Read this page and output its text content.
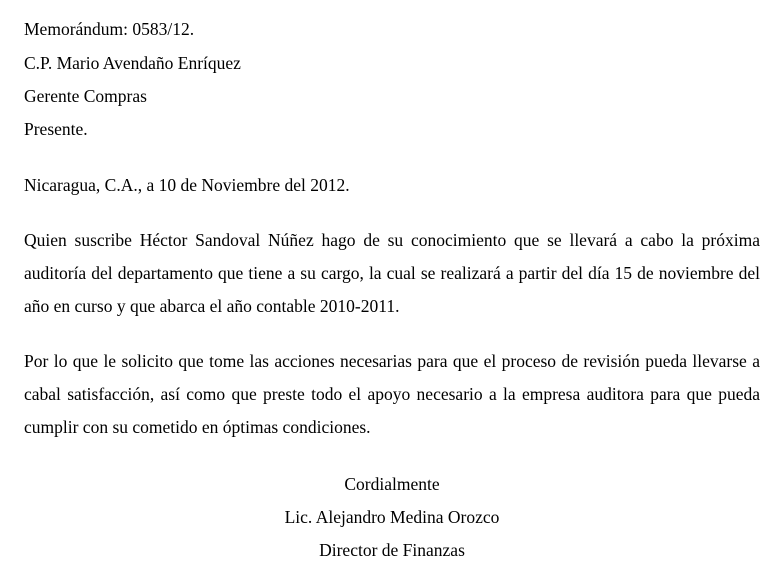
Memorándum: 0583/12.
C.P. Mario Avendaño Enríquez
Gerente Compras
Presente.
Nicaragua, C.A., a 10 de Noviembre del 2012.

Quien suscribe Héctor Sandoval Núñez hago de su conocimiento que se llevará a cabo la próxima auditoría del departamento que tiene a su cargo, la cual se realizará a partir del día 15 de noviembre del año en curso y que abarca el año contable 2010-2011.

Por lo que le solicito que tome las acciones necesarias para que el proceso de revisión pueda llevarse a cabal satisfacción, así como que preste todo el apoyo necesario a la empresa auditora para que pueda cumplir con su cometido en óptimas condiciones.

Cordialmente
Lic. Alejandro Medina Orozco
Director de Finanzas
